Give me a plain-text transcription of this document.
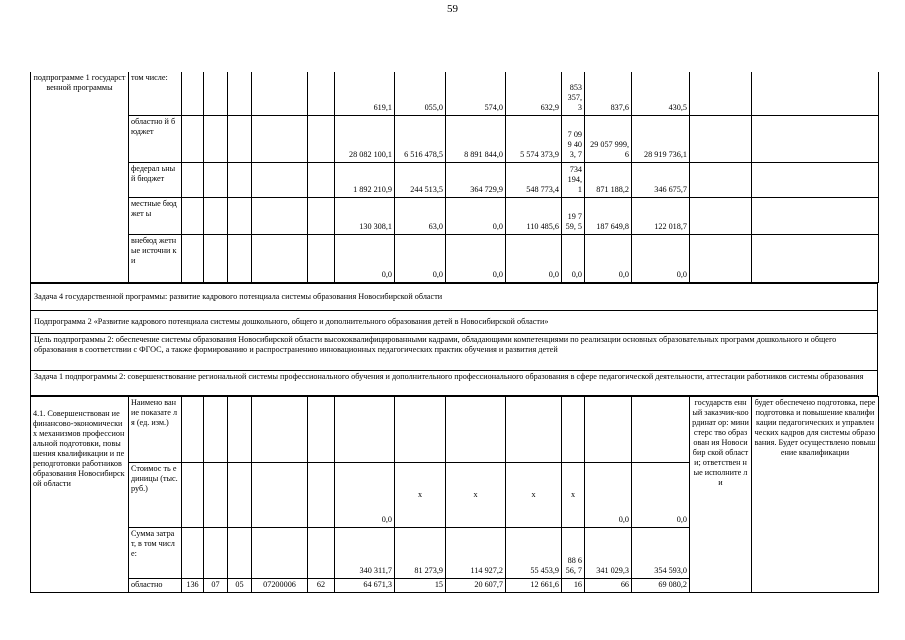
59
подпрограмме 1 государственной программы	том числе:						619,1	055,0	574,0	632,9	853 357, 3	837,6	430,5		
	областно й бюджет						28 082 100,1	6 516 478,5	8 891 844,0	5 574 373,9	7 099 403, 7	29 057 999,6	28 919 736,1		
	федерал ьный бюджет						1 892 210,9	244 513,5	364 729,9	548 773,4	734 194, 1	871 188,2	346 675,7		
	местные бюджет ы						130 308,1	63,0	0,0	110 485,6	19 759, 5	187 649,8	122 018,7		
	внебюд жетные источни ки						0,0	0,0	0,0	0,0	0,0	0,0	0,0		
Задача 4 государственной программы: развитие кадрового потенциала системы образования Новосибирской области
Подпрограмма 2 «Развитие кадрового потенциала системы дошкольного, общего и дополнительного образования детей в Новосибирской области»
Цель подпрограммы 2: обеспечение системы образования Новосибирской области высококвалифицированными кадрами, обладающими компетенциями по реализации основных образовательных программ дошкольного и общего образования в соответствии с ФГОС, а также формированию и распространению инновационных педагогических практик обучения и развития детей
Задача 1 подпрограммы 2: совершенствование региональной системы профессионального обучения и дополнительного профессионального образования в сфере педагогической деятельности, аттестации работников системы образования
4.1. Совершенствован ие финансово-экономических механизмов профессиональной подготовки, повышения квалификации и переподготовки работников образования Новосибирской области	Наимено вание показате ля (ед. изм.)													государств енный заказчик-координат ор: министерс тво образован ия Новосибир ской области; ответствен ные исполните ли	будет обеспечено подготовка, переподготовка и повышение квалификации педагогических и управленческих кадров для системы образования. Будет осуществлено повышение квалификации
	Стоимос ть единицы (тыс. руб.)						0,0	x	x	x	x	0,0	0,0		
	Сумма затрат, в том числе:						340 311,7	81 273,9	114 927,2	55 453,9	88 656, 7	341 029,3	354 593,0		
	областно	136	07	05	07200006	62	64 671,3	15	20 607,7	12 661,6	16	66	69 080,2		
